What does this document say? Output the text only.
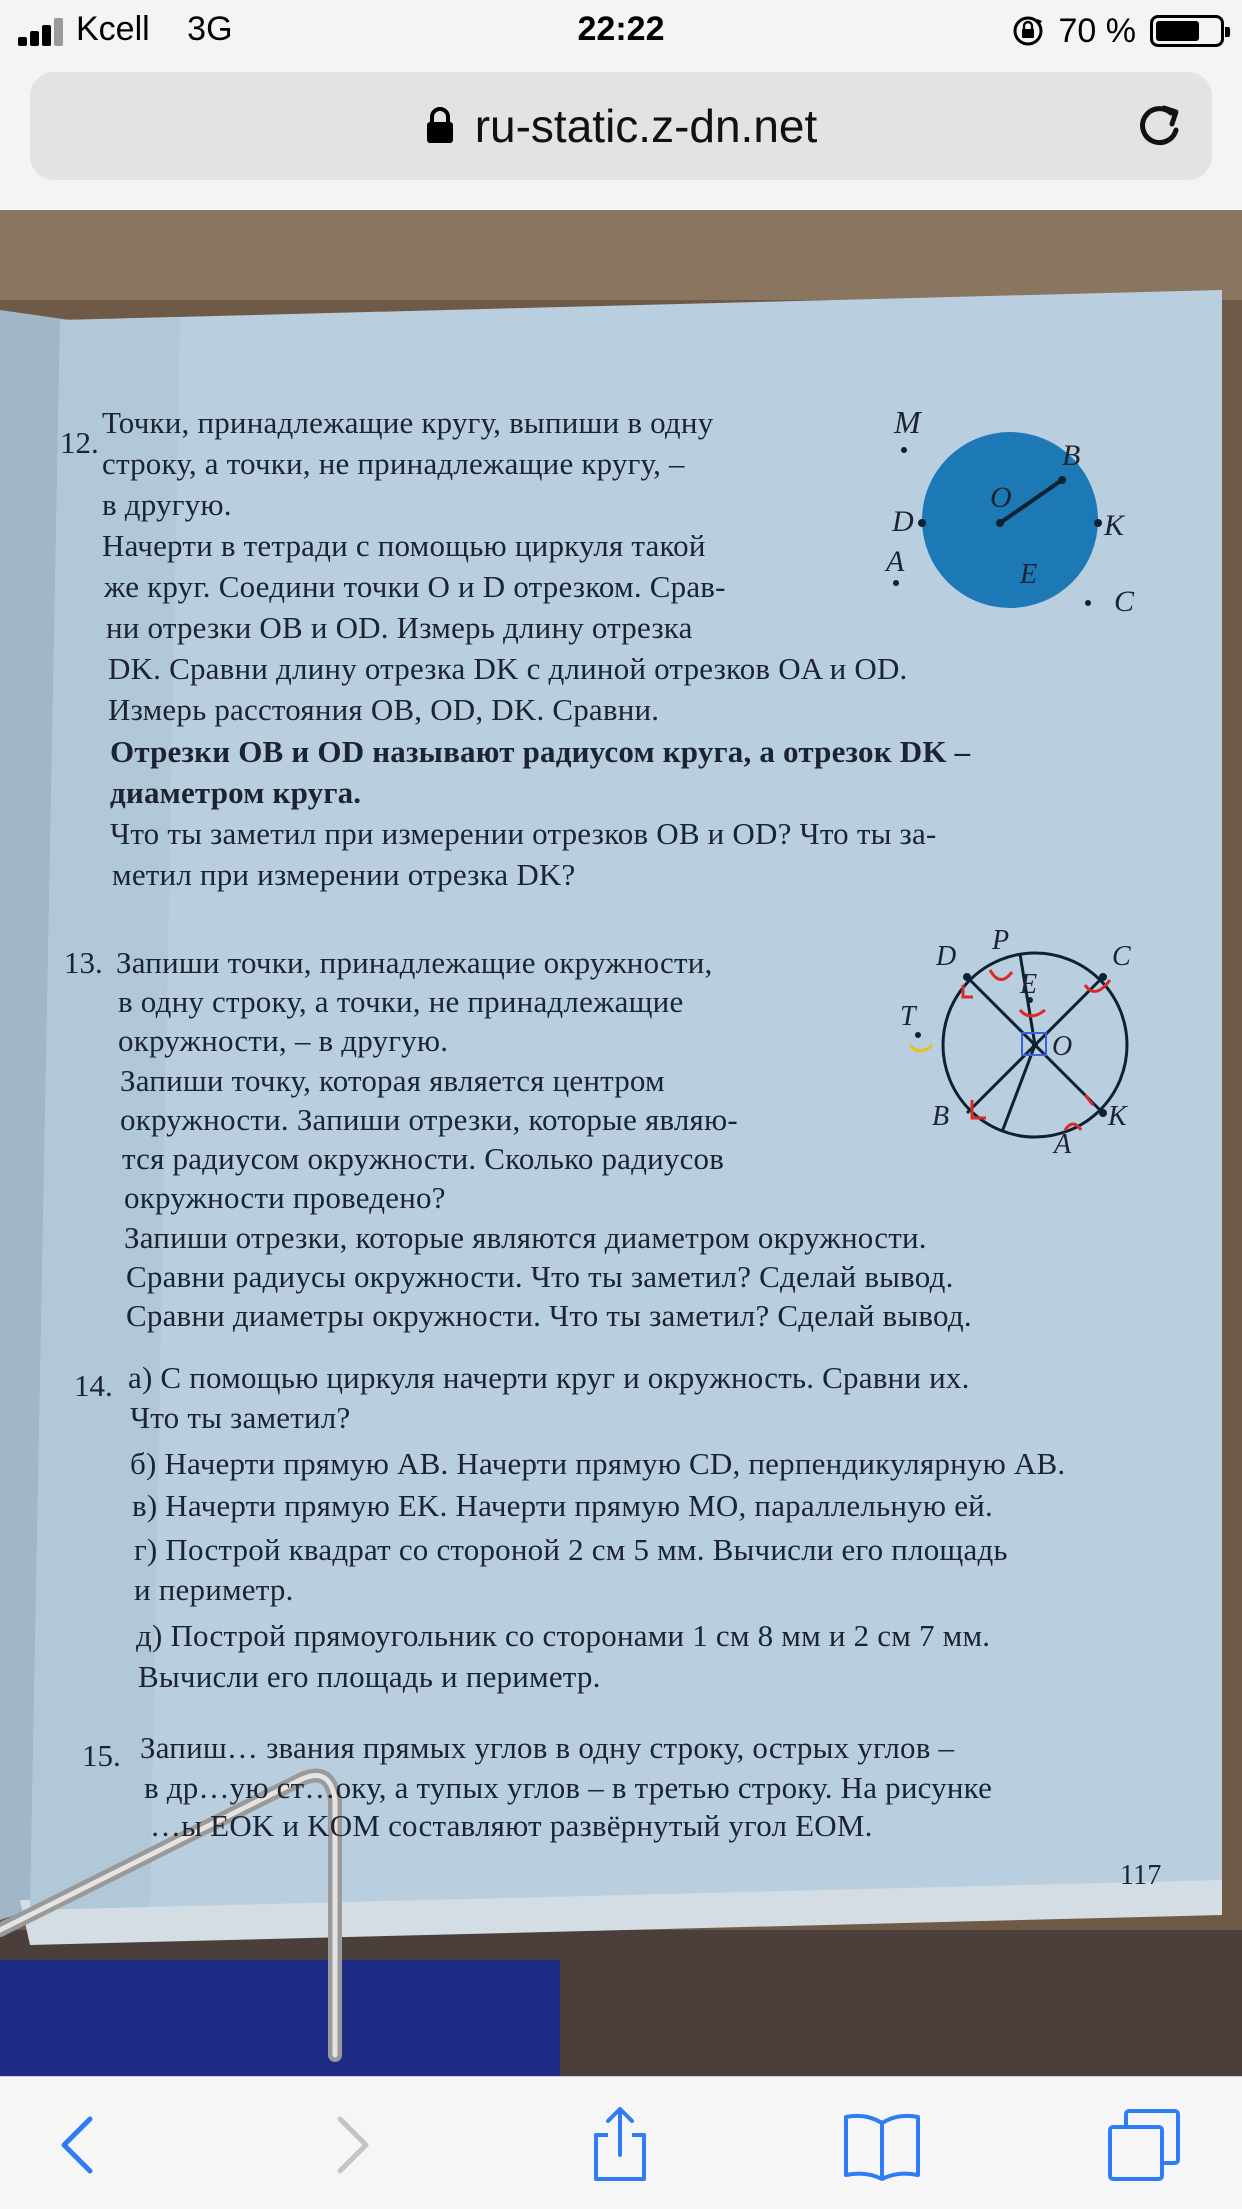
Kcell 3G	22:22	70 %
ru-static.z-dn.net
12.
Точки, принадлежащие кругу, выпиши в одну
строку, а точки, не принадлежащие кругу, –
в другую.
Начерти в тетради с помощью циркуля такой
же круг. Соедини точки O и D отрезком. Срав-
ни отрезки OB и OD. Измерь длину отрезка
DK. Сравни длину отрезка DK с длиной отрезков OA и OD.
Измерь расстояния OB, OD, DK. Сравни.
Отрезки OB и OD называют радиусом круга, а отрезок DK –
диаметром круга.
Что ты заметил при измерении отрезков OB и OD? Что ты за-
метил при измерении отрезка DK?
M
B
O
D	K
A	E
C
13. Запиши точки, принадлежащие окружности,
в одну строку, а точки, не принадлежащие
окружности, – в другую.
Запиши точку, которая является центром
окружности. Запиши отрезки, которые являю-
тся радиусом окружности. Сколько радиусов
окружности проведено?
Запиши отрезки, которые являются диаметром окружности.
Сравни радиусы окружности. Что ты заметил? Сделай вывод.
Сравни диаметры окружности. Что ты заметил? Сделай вывод.
P
D
E
C
T
O
B	K
A
14. а) С помощью циркуля начерти круг и окружность. Сравни их.
Что ты заметил?
б) Начерти прямую AB. Начерти прямую CD, перпендикулярную AB.
в) Начерти прямую EK. Начерти прямую MO, параллельную ей.
г) Построй квадрат со стороной 2 см 5 мм. Вычисли его площадь
и периметр.
д) Построй прямоугольник со сторонами 1 см 8 мм и 2 см 7 мм.
Вычисли его площадь и периметр.
15. Запиш… звания прямых углов в одну строку, острых углов –
в др…ую ст…оку, а тупых углов – в третью строку. На рисунке
…ы EOK и KOM составляют развёрнутый угол EOM.
117
